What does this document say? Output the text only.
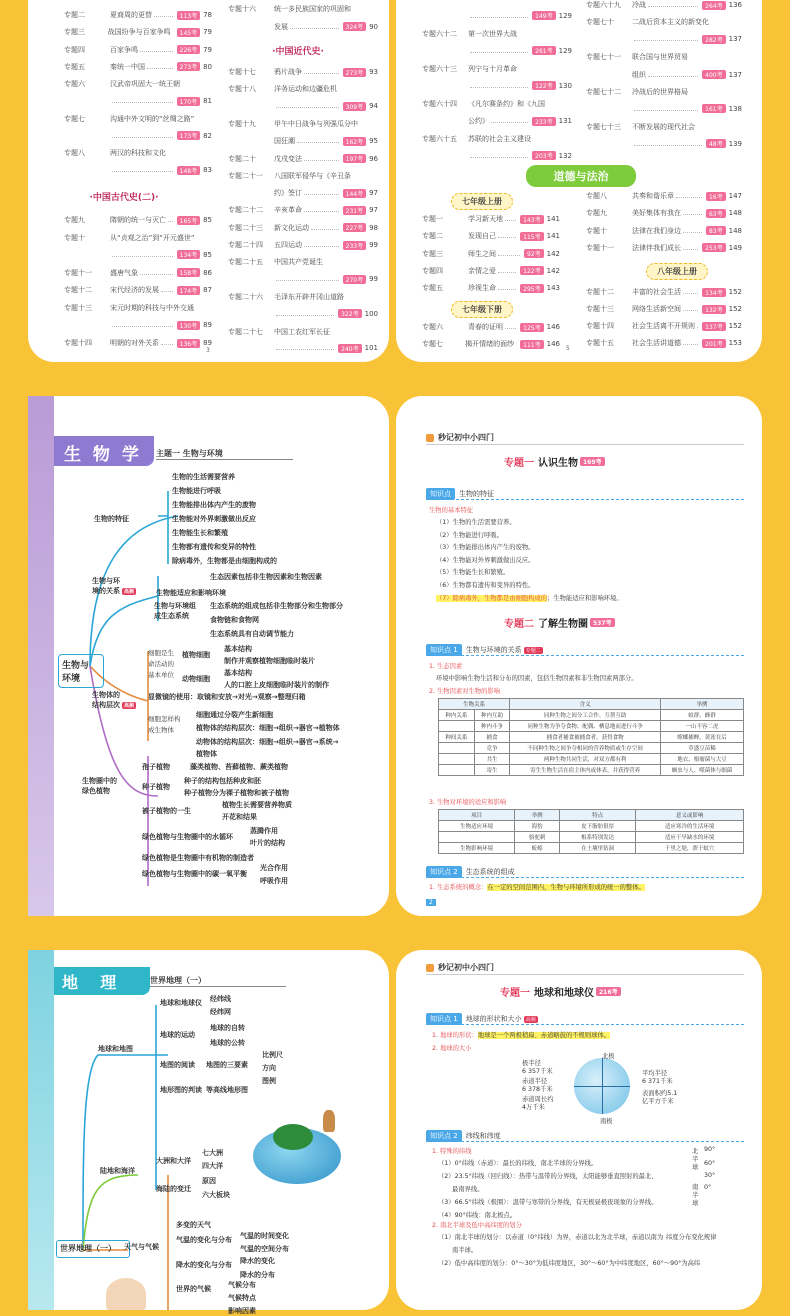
专题二	夏商周的更替	113考 78
专题三	战国纷争与百家争鸣	145考 79
专题四	百家争鸣	226考 79
专题五	秦统一中国	273考 80
专题六	汉武帝巩固大一统王朝
170考 81
专题七	沟通中外文明的“丝绸之路”
173考 82
专题八	两汉的科技和文化
148考 83
·中国古代史(二)·
专题九	隋朝的统一与灭亡	165考 85
专题十	从“贞观之治”到“开元盛世”
134考 85
专题十一	盛唐气象	158考 86
专题十二	宋代经济的发展	174考 87
专题十三	宋元时期的科技与中外交通
130考 89
专题十四	明朝的对外关系	136考 89
专题十六	统一多民族国家的巩固和
发展	324考 90
·中国近代史·
专题十七	鸦片战争	273考 93
专题十八	洋务运动和边疆危机
309考 94
专题十九	甲午中日战争与列强瓜分中
国狂潮	162考 95
专题二十	戊戌变法	197考 96
专题二十一	八国联军侵华与《辛丑条
约》签订	144考 97
专题二十二	辛亥革命	231考 97
专题二十三	新文化运动	227考 98
专题二十四	五四运动	233考 99
专题二十五	中国共产党诞生
270考 99
专题二十六	毛泽东开辟井冈山道路
322考 100
专题二十七	中国工农红军长征
240考 101
3
149考 129
专题六十二	第一次世界大战
261考 129
专题六十三	列宁与十月革命
122考 130
专题六十四	《凡尔赛条约》和《九国
公约》	233考 131
专题六十五	苏联的社会主义建设
203考 132
专题六十九	冷战	264考 136
专题七十	二战后资本主义的新变化
282考 137
专题七十一	联合国与世界贸易
组织	400考 137
专题七十二	冷战后的世界格局
161考 138
专题七十三	不断发展的现代社会
48考 139
道德与法治
七年级上册
专题一	学习新天地	143考 141
专题二	发现自己	115考 141
专题三	师生之间	92考 142
专题四	亲情之爱	122考 142
专题五	珍视生命	295考 143
七年级下册
专题六	青春的证明	125考 146
专题七	揭开情绪的面纱	111考 146
专题八	共奏和谐乐章	16考 147
专题九	美好集体有我在	63考 148
专题十	法律在我们身边	83考 148
专题十一	法律伴我们成长	253考 149
八年级上册
专题十二	丰富的社会生活	134考 152
专题十三	网络生活新空间	132考 152
专题十四	社会生活离不开规则	137考 152
专题十五	社会生活讲道德	201考 153
5
生 物 学	主题一 生物与环境
生物与
环境
生物的特征
生物的生活需要营养
生物能进行呼吸
生物能排出体内产生的废物
生物能对外界刺激做出反应
生物能生长和繁殖
生物都有遗传和变异的特性
除病毒外，生物都是由细胞构成的
生物与环
境的关系 高频
生态因素包括非生物因素和生物因素
生物能适应和影响环境
生物与环境组
成生态系统
生态系统的组成包括非生物部分和生物部分
食物链和食物网
生态系统具有自动调节能力
生物体的
结构层次 高频
细胞是生
命活动的
基本单位
植物细胞
基本结构
制作并观察植物细胞临时装片
动物细胞
基本结构
人的口腔上皮细胞临时装片的制作
显微镜的使用：取镜和安放→对光→观察→整理归箱
细胞怎样构
成生物体
细胞通过分裂产生新细胞
植物体的结构层次：细胞→组织→器官→植物体
动物体的结构层次：细胞→组织→器官→系统→
植物体
生物圈中的
绿色植物
孢子植物	藻类植物、苔藓植物、蕨类植物
种子植物
种子的结构包括种皮和胚
种子植物分为裸子植物和被子植物
被子植物的一生
植物生长需要营养物质
开花和结果
绿色植物与生物圈中的水循环
蒸腾作用
叶片的结构
绿色植物是生物圈中有机物的制造者
绿色植物与生物圈中的碳一氧平衡
光合作用
呼吸作用
秒记初中小四门
专题一 认识生物 169考
知识点	生物的特征
生物的基本特征
（1）生物的生活需要营养。
（2）生物能进行呼吸。
（3）生物能排出体内产生的废物。
（4）生物能对外界刺激做出反应。
（5）生物能生长和繁殖。
（6）生物都有遗传和变异的特性。
（7）除病毒外，生物都是由细胞构成的；生物能适应和影响环境。
专题二 了解生物圈 537考
知识点 1	生物与环境的关系 专题二
1. 生态因素
环境中影响生物生活和分布的因素，包括生物因素和非生物因素两部分。
2. 生物因素对生物的影响
生物关系		含义	举例
种内关系	种内互助	同种生物之间分工合作、互帮互助	蚁群、蜂群
	种内斗争	同种生物为争夺食物、配偶、栖息地而进行斗争	一山不容二虎
种间关系	捕食	捕食者捕食被捕食者，获得食物	螳螂捕蝉，黄雀在后
	竞争	不同种生物之间争夺相同的营养物质或生存空间	草盛豆苗稀
	共生	两种生物共同生活，对双方都有利	地衣、根瘤菌与大豆
	寄生	寄生生物生活在宿主体内或体表，并获得营养	蛔虫与人、噬菌体与细菌
3. 生物对环境的适应和影响
项目	举例	特点	意义或影响
生物适应环境	海豹	皮下脂肪很厚	适应寒冷的生活环境
	骆驼刺	根系特别发达	适应干旱缺水的环境
生物影响环境	蚯蚓	在土壤里钻洞	千里之堤，溃于蚁穴
知识点 2	生态系统的组成
1. 生态系统的概念：在一定的空间范围内，生物与环境所形成的统一的整体。
2
地    理	世界地理（一）
世界地理（一）
地球和地图
地球和地球仪 经纬线
经纬网
地球的运动
地球的自转
地球的公转
地图的阅读 地图的三要素
比例尺
方向
图例
地形图的判读 等高线地形图
陆地和海洋
大洲和大洋
七大洲
四大洋
海陆的变迁
原因
六大板块
天气与气候
多变的天气
气温的变化与分布 气温的时间变化
气温的空间分布
降水的变化与分布 降水的变化
降水的分布
世界的气候 气候分布
气候特点
影响因素
秒记初中小四门
专题一 地球和地球仪 216考
知识点 1	地球的形状和大小 高频
1. 地球的形状：地球是一个两极稍扁、赤道略鼓的不规则球体。
2. 地球的大小
极半径
6 357千米
赤道半径
6 378千米
赤道周长约
4万千米
北极
南极
平均半径
6 371千米
表面积约5.1
亿平方千米
知识点 2	纬线和纬度
1. 特殊的纬线
（1）0°纬线（赤道）：最长的纬线，南北半球的分界线。
（2）23.5°纬线（回归线）：热带与温带的分界线，太阳能够垂直照射的最北、
最南界线。
（3）66.5°纬线（极圈）：温带与寒带的分界线，有无极昼极夜现象的分界线。
（4）90°纬线：南北极点。
2. 南北半球及低中高纬度的划分
（1）南北半球的划分：以赤道（0°纬线）为界，赤道以北为北半球，赤道以南为
南半球。
（2）低中高纬度的划分：0°～30°为低纬度地区，30°～60°为中纬度地区，60°～90°为高纬
北
半
球
南
半
球
90°
60°
30°
0°
纬度分布变化规律
